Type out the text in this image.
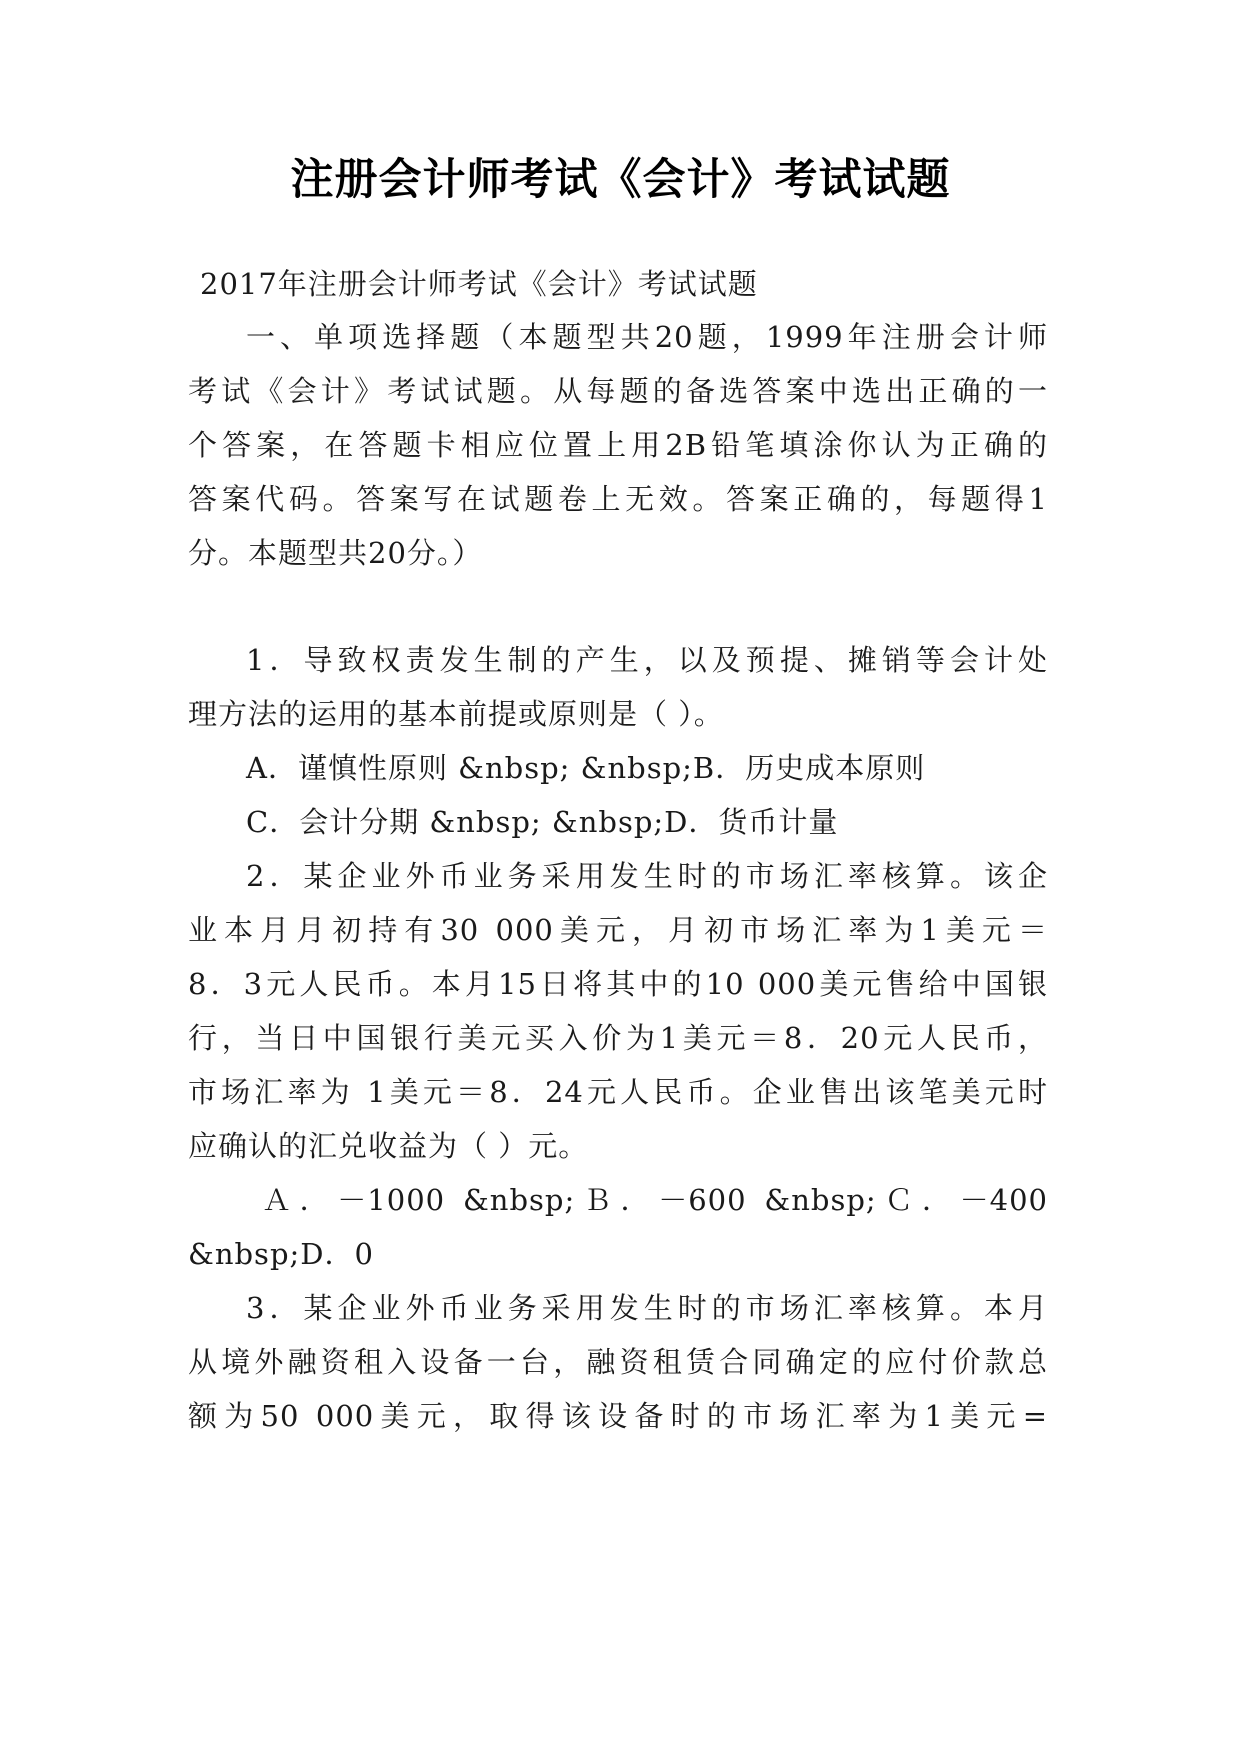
注册会计师考试《会计》考试试题
2017年注册会计师考试《会计》考试试题
一、单项选择题（本题型共20题，1999年注册会计师
考试《会计》考试试题。从每题的备选答案中选出正确的一
个答案，在答题卡相应位置上用2B铅笔填涂你认为正确的
答案代码。答案写在试题卷上无效。答案正确的，每题得1
分。本题型共20分。）
1．导致权责发生制的产生，以及预提、摊销等会计处
理方法的运用的基本前提或原则是（ ）。
A．谨慎性原则 &nbsp; &nbsp;B．历史成本原则
C．会计分期 &nbsp; &nbsp;D．货币计量
2．某企业外币业务采用发生时的市场汇率核算。该企
业本月月初持有30 000美元，月初市场汇率为1美元＝
8．3元人民币。本月15日将其中的10 000美元售给中国银
行，当日中国银行美元买入价为1美元＝8．20元人民币，
市场汇率为 1美元＝8．24元人民币。企业售出该笔美元时
应确认的汇兑收益为（ ）元。
Ａ．－1000 &nbsp;Ｂ．－600 &nbsp;Ｃ．－400
&nbsp;D．0
3．某企业外币业务采用发生时的市场汇率核算。本月
从境外融资租入设备一台，融资租赁合同确定的应付价款总
额为50 000美元，取得该设备时的市场汇率为1美元=
